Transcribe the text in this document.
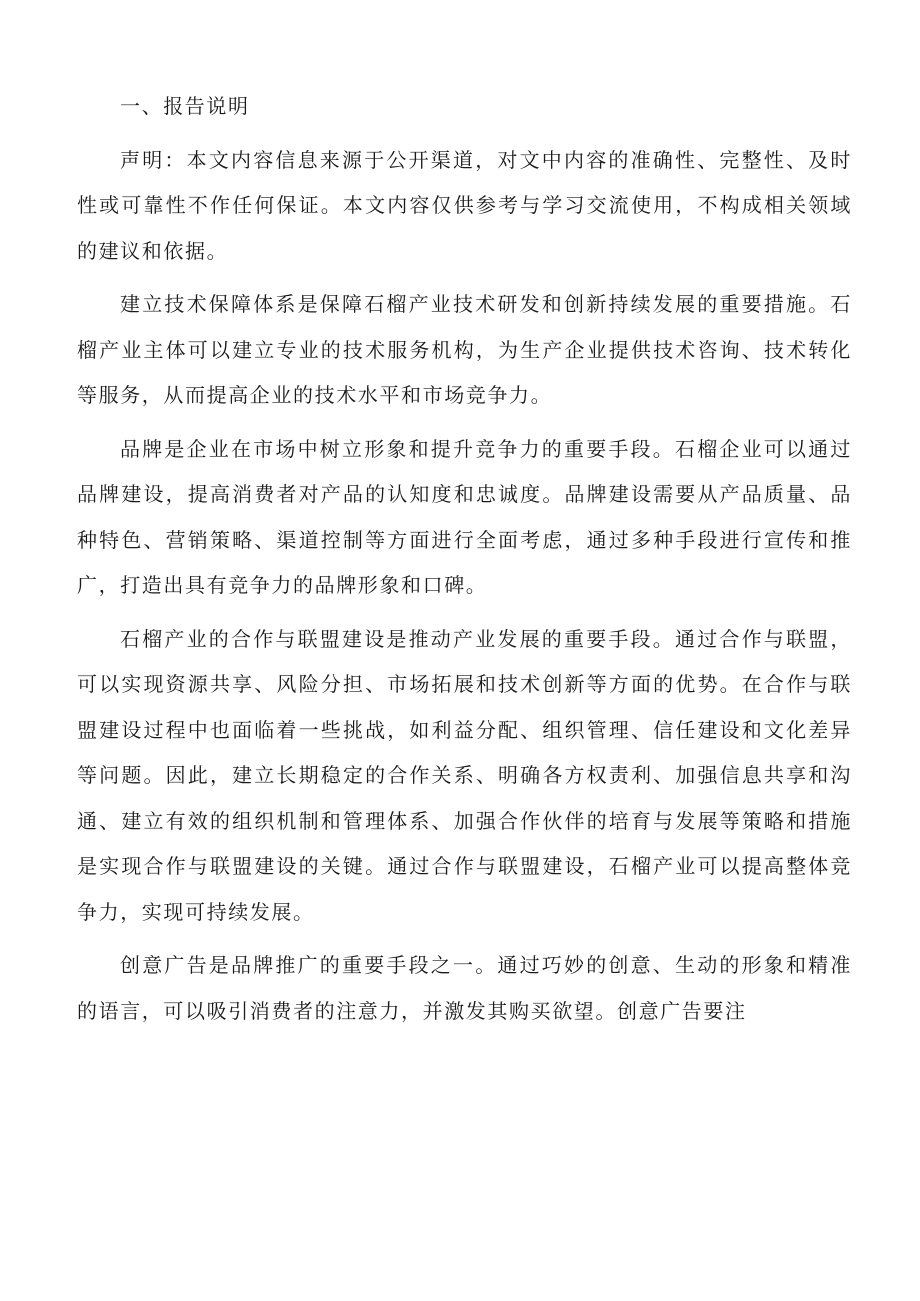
一、报告说明

声明：本文内容信息来源于公开渠道，对文中内容的准确性、完整性、及时性或可靠性不作任何保证。本文内容仅供参考与学习交流使用，不构成相关领域的建议和依据。

建立技术保障体系是保障石榴产业技术研发和创新持续发展的重要措施。石榴产业主体可以建立专业的技术服务机构，为生产企业提供技术咨询、技术转化等服务，从而提高企业的技术水平和市场竞争力。

品牌是企业在市场中树立形象和提升竞争力的重要手段。石榴企业可以通过品牌建设，提高消费者对产品的认知度和忠诚度。品牌建设需要从产品质量、品种特色、营销策略、渠道控制等方面进行全面考虑，通过多种手段进行宣传和推广，打造出具有竞争力的品牌形象和口碑。

石榴产业的合作与联盟建设是推动产业发展的重要手段。通过合作与联盟，可以实现资源共享、风险分担、市场拓展和技术创新等方面的优势。在合作与联盟建设过程中也面临着一些挑战，如利益分配、组织管理、信任建设和文化差异等问题。因此，建立长期稳定的合作关系、明确各方权责利、加强信息共享和沟通、建立有效的组织机制和管理体系、加强合作伙伴的培育与发展等策略和措施是实现合作与联盟建设的关键。通过合作与联盟建设，石榴产业可以提高整体竞争力，实现可持续发展。

创意广告是品牌推广的重要手段之一。通过巧妙的创意、生动的形象和精准的语言，可以吸引消费者的注意力，并激发其购买欲望。创意广告要注
